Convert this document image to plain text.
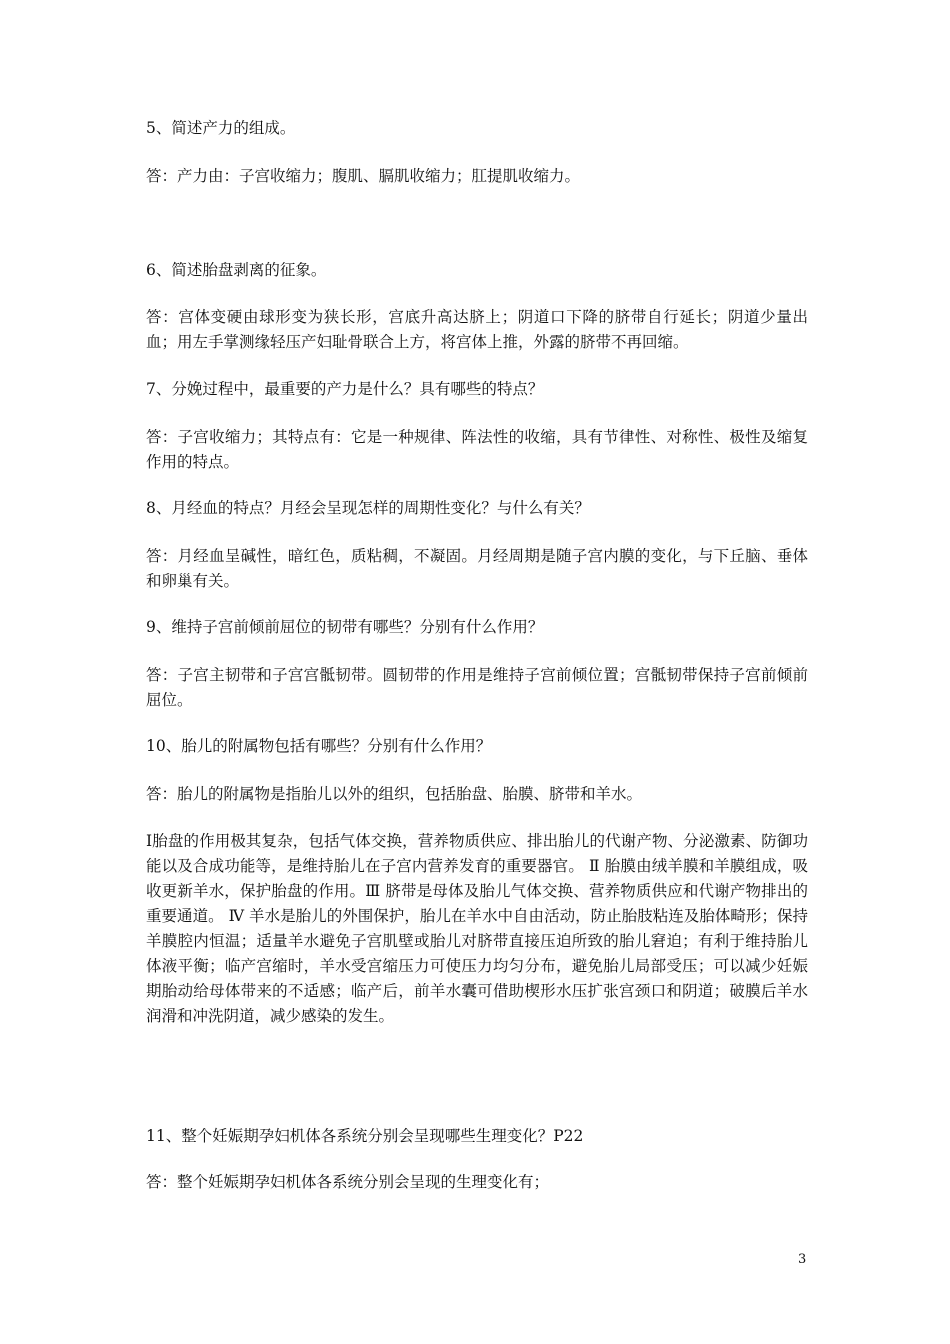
5、简述产力的组成。

答：产力由：子宫收缩力；腹肌、膈肌收缩力；肛提肌收缩力。

6、简述胎盘剥离的征象。

答：宫体变硬由球形变为狭长形，宫底升高达脐上；阴道口下降的脐带自行延长；阴道少量出血；用左手掌测缘轻压产妇耻骨联合上方，将宫体上推，外露的脐带不再回缩。

7、分娩过程中，最重要的产力是什么？具有哪些的特点？

答：子宫收缩力；其特点有：它是一种规律、阵法性的收缩，具有节律性、对称性、极性及缩复作用的特点。

8、月经血的特点？月经会呈现怎样的周期性变化？与什么有关？

答：月经血呈碱性，暗红色，质粘稠，不凝固。月经周期是随子宫内膜的变化，与下丘脑、垂体和卵巢有关。

9、维持子宫前倾前屈位的韧带有哪些？分别有什么作用？

答：子宫主韧带和子宫宫骶韧带。圆韧带的作用是维持子宫前倾位置；宫骶韧带保持子宫前倾前屈位。

10、胎儿的附属物包括有哪些？分别有什么作用？

答：胎儿的附属物是指胎儿以外的组织，包括胎盘、胎膜、脐带和羊水。

Ⅰ胎盘的作用极其复杂，包括气体交换，营养物质供应、排出胎儿的代谢产物、分泌激素、防御功能以及合成功能等，是维持胎儿在子宫内营养发育的重要器官。 Ⅱ 胎膜由绒羊膜和羊膜组成，吸收更新羊水，保护胎盘的作用。Ⅲ 脐带是母体及胎儿气体交换、营养物质供应和代谢产物排出的重要通道。 Ⅳ 羊水是胎儿的外围保护，胎儿在羊水中自由活动，防止胎肢粘连及胎体畸形；保持羊膜腔内恒温；适量羊水避免子宫肌壁或胎儿对脐带直接压迫所致的胎儿窘迫；有利于维持胎儿体液平衡；临产宫缩时，羊水受宫缩压力可使压力均匀分布，避免胎儿局部受压；可以减少妊娠期胎动给母体带来的不适感；临产后，前羊水囊可借助楔形水压扩张宫颈口和阴道；破膜后羊水润滑和冲洗阴道，减少感染的发生。

11、整个妊娠期孕妇机体各系统分别会呈现哪些生理变化？P22

答：整个妊娠期孕妇机体各系统分别会呈现的生理变化有；

3
